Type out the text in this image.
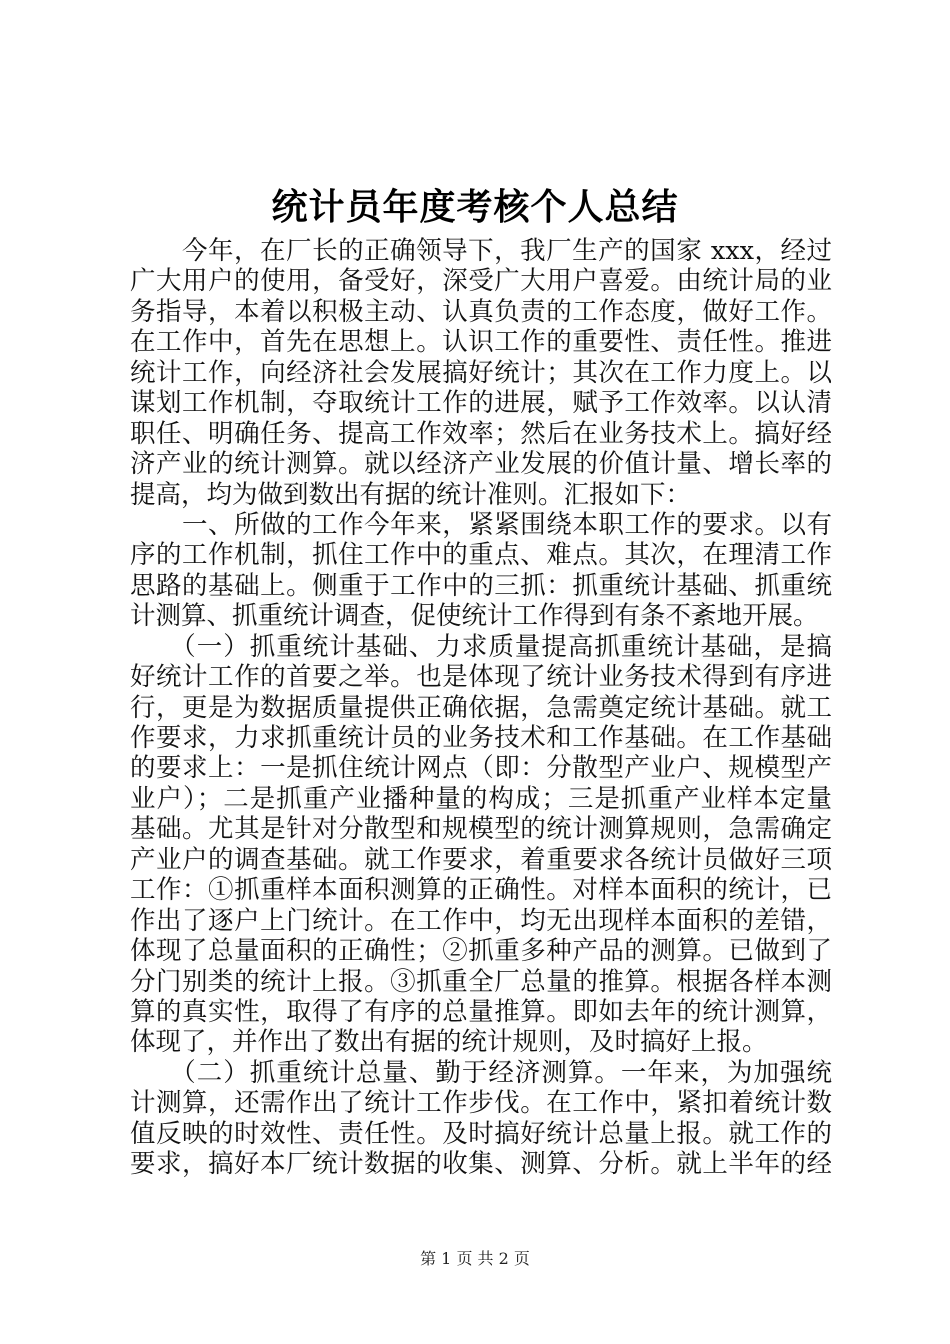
统计员年度考核个人总结
　　今年，在厂长的正确领导下，我厂生产的国家 xxx，经过
广大用户的使用，备受好，深受广大用户喜爱。由统计局的业
务指导，本着以积极主动、认真负责的工作态度，做好工作。
在工作中，首先在思想上。认识工作的重要性、责任性。推进
统计工作，向经济社会发展搞好统计；其次在工作力度上。以
谋划工作机制，夺取统计工作的进展，赋予工作效率。以认清
职任、明确任务、提高工作效率；然后在业务技术上。搞好经
济产业的统计测算。就以经济产业发展的价值计量、增长率的
提高，均为做到数出有据的统计准则。汇报如下：
　　一、所做的工作今年来，紧紧围绕本职工作的要求。以有
序的工作机制，抓住工作中的重点、难点。其次，在理清工作
思路的基础上。侧重于工作中的三抓：抓重统计基础、抓重统
计测算、抓重统计调查，促使统计工作得到有条不紊地开展。
　　（一）抓重统计基础、力求质量提高抓重统计基础，是搞
好统计工作的首要之举。也是体现了统计业务技术得到有序进
行，更是为数据质量提供正确依据，急需奠定统计基础。就工
作要求，力求抓重统计员的业务技术和工作基础。在工作基础
的要求上：一是抓住统计网点（即：分散型产业户、规模型产
业户）；二是抓重产业播种量的构成；三是抓重产业样本定量
基础。尤其是针对分散型和规模型的统计测算规则，急需确定
产业户的调查基础。就工作要求，着重要求各统计员做好三项
工作：①抓重样本面积测算的正确性。对样本面积的统计，已
作出了逐户上门统计。在工作中，均无出现样本面积的差错，
体现了总量面积的正确性；②抓重多种产品的测算。已做到了
分门别类的统计上报。③抓重全厂总量的推算。根据各样本测
算的真实性，取得了有序的总量推算。即如去年的统计测算，
体现了，并作出了数出有据的统计规则，及时搞好上报。
　　（二）抓重统计总量、勤于经济测算。一年来，为加强统
计测算，还需作出了统计工作步伐。在工作中，紧扣着统计数
值反映的时效性、责任性。及时搞好统计总量上报。就工作的
要求，搞好本厂统计数据的收集、测算、分析。就上半年的经
第 1 页 共 2 页
